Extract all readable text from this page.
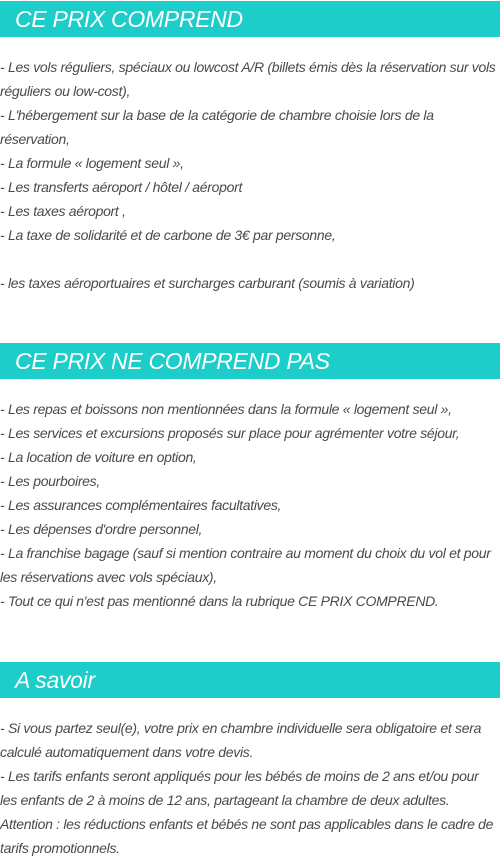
CE PRIX COMPREND

- Les vols réguliers, spéciaux ou lowcost A/R (billets émis dès la réservation sur vols réguliers ou low-cost),

- L'hébergement sur la base de la catégorie de chambre choisie lors de la réservation,

- La formule « logement seul »,

- Les transferts aéroport / hôtel / aéroport

- Les taxes aéroport ,

- La taxe de solidarité et de carbone de 3€ par personne,

- les taxes aéroportuaires et surcharges carburant (soumis à variation)

CE PRIX NE COMPREND PAS

- Les repas et boissons non mentionnées dans la formule « logement seul »,

- Les services et excursions proposés sur place pour agrémenter votre séjour,

- La location de voiture en option,

- Les pourboires,

- Les assurances complémentaires facultatives,

- Les dépenses d'ordre personnel,

- La franchise bagage (sauf si mention contraire au moment du choix du vol et pour les réservations avec vols spéciaux),

- Tout ce qui n'est pas mentionné dans la rubrique CE PRIX COMPREND.

A savoir

- Si vous partez seul(e), votre prix en chambre individuelle sera obligatoire et sera calculé automatiquement dans votre devis.

- Les tarifs enfants seront appliqués pour les bébés de moins de 2 ans et/ou pour les enfants de 2 à moins de 12 ans, partageant la chambre de deux adultes.

Attention : les réductions enfants et bébés ne sont pas applicables dans le cadre de tarifs promotionnels.
